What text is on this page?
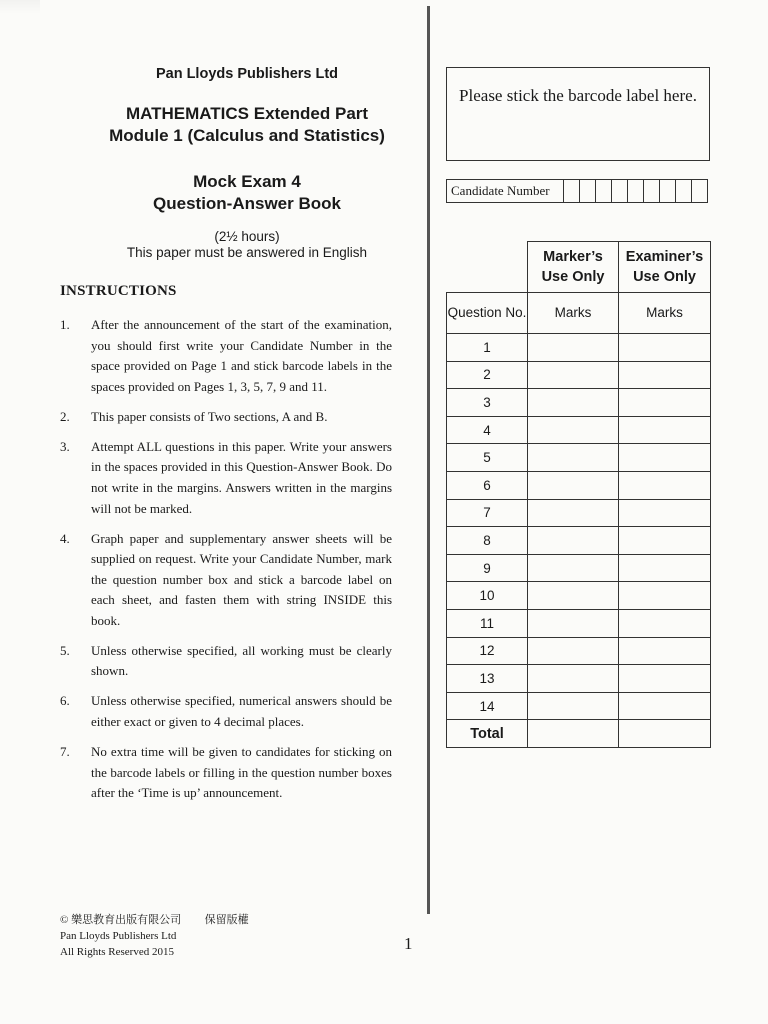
Pan Lloyds Publishers Ltd
MATHEMATICS Extended Part
Module 1 (Calculus and Statistics)
Mock Exam 4
Question-Answer Book
(2½ hours)
This paper must be answered in English
INSTRUCTIONS
1. After the announcement of the start of the examination, you should first write your Candidate Number in the space provided on Page 1 and stick barcode labels in the spaces provided on Pages 1, 3, 5, 7, 9 and 11.
2. This paper consists of Two sections, A and B.
3. Attempt ALL questions in this paper. Write your answers in the spaces provided in this Question-Answer Book. Do not write in the margins. Answers written in the margins will not be marked.
4. Graph paper and supplementary answer sheets will be supplied on request. Write your Candidate Number, mark the question number box and stick a barcode label on each sheet, and fasten them with string INSIDE this book.
5. Unless otherwise specified, all working must be clearly shown.
6. Unless otherwise specified, numerical answers should be either exact or given to 4 decimal places.
7. No extra time will be given to candidates for sticking on the barcode labels or filling in the question number boxes after the ‘Time is up’ announcement.
Please stick the barcode label here.
Candidate Number
	Marker’s Use Only	Examiner’s Use Only
Question No.	Marks	Marks
1		
2		
3		
4		
5		
6		
7		
8		
9		
10		
11		
12		
13		
14		
Total		
© 樂思教育出版有限公司 保留版權
Pan Lloyds Publishers Ltd
All Rights Reserved 2015	1
